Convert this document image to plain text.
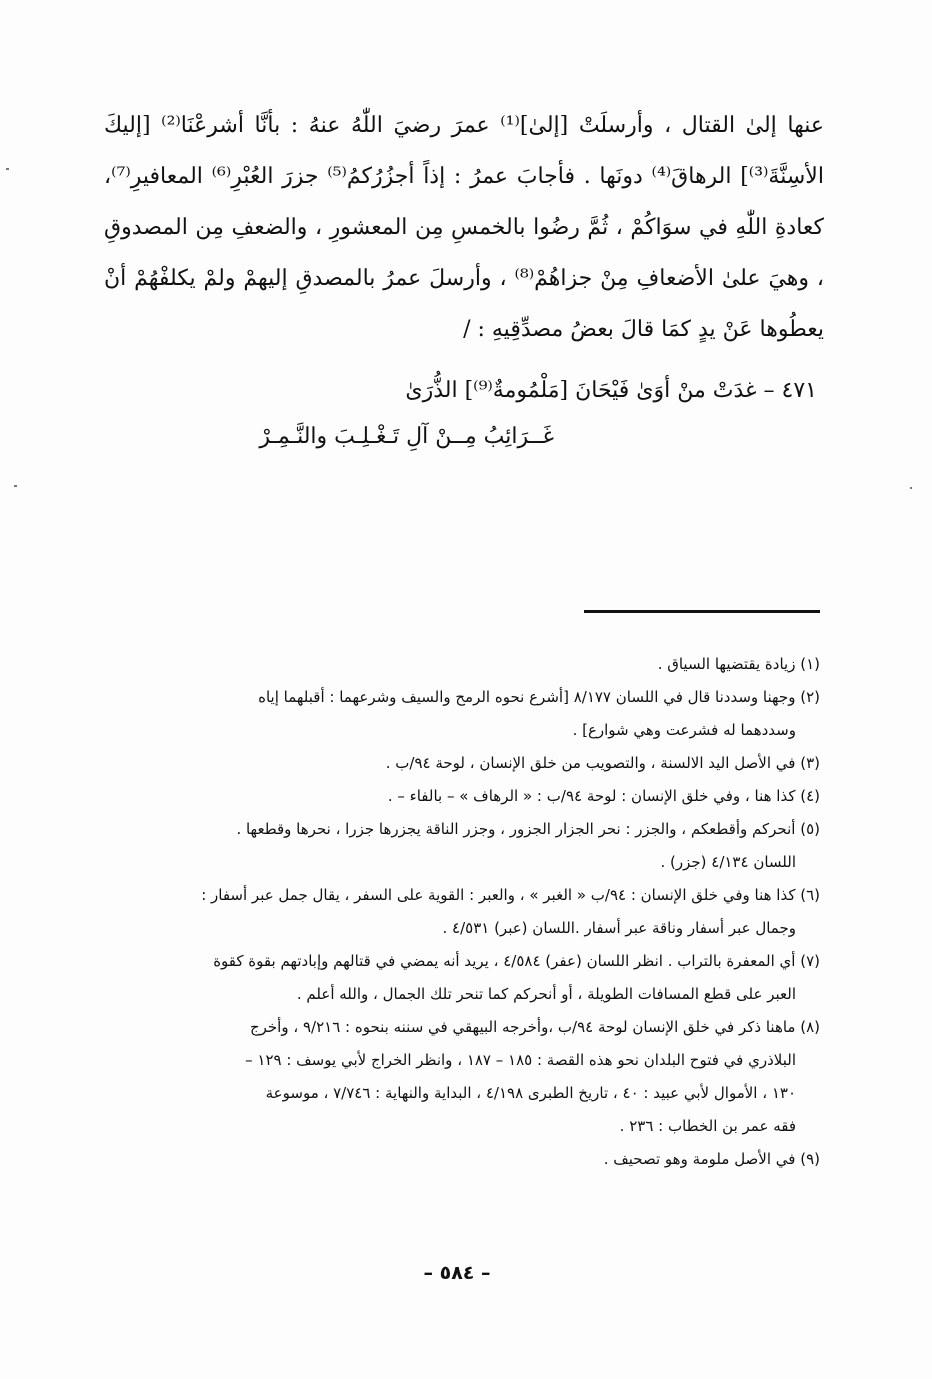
عنها إلىٰ القتال ، وأرسلَتْ [إلىٰ]⁽¹⁾ عمرَ رضيَ اللّٰهُ عنهُ : بأنَّا أشرعْنَا⁽²⁾ [إليكَ الأسِنَّةَ⁽³⁾] الرهاقَ⁽⁴⁾ دونَها . فأجابَ عمرُ : إذاً أجزُرُكمُ⁽⁵⁾ جزرَ العُبْرِ⁽⁶⁾ المعافيرِ⁽⁷⁾، كعادةِ اللّٰهِ في سوَاكُمْ ، ثُمَّ رضُوا بالخمسِ مِن المعشورِ ، والضعفِ مِن المصدوقِ ، وهيَ علىٰ الأضعافِ مِنْ جزاهُمْ⁽⁸⁾ ، وأرسلَ عمرُ بالمصدقِ إليهمْ ولمْ يكلفْهُمْ أنْ يعطُوها عَنْ يدٍ كمَا قالَ بعضُ مصدِّقِيهِ : /

٤٧١ – غدَتْ منْ أوَىٰ فَيْحَانَ [مَلْمُومةٌ⁽⁹⁾] الذُّرَىٰ
غَــرَائِبُ مِــنْ آلِ تَـغْـلِـبَ والنَّـمِـرْ
(١) زيادة يقتضيها السياق .
(٢) وجهنا وسددنا قال في اللسان ٨/١٧٧ [أشرع نحوه الرمح والسيف وشرعهما : أقبلهما إياه
وسددهما له فشرعت وهي شوارع] .
(٣) في الأصل اليد الالسنة ، والتصويب من خلق الإنسان ، لوحة ٩٤/ب .
(٤) كذا هنا ، وفي خلق الإنسان : لوحة ٩٤/ب : « الرهاف » – بالفاء – .
(٥) أنحركم وأقطعكم ، والجزر : نحر الجزار الجزور ، وجزر الناقة يجزرها جزرا ، نحرها وقطعها .
اللسان ٤/١٣٤ (جزر) .
(٦) كذا هنا وفي خلق الإنسان : ٩٤/ب « الغبر » ، والعبر : القوية على السفر ، يقال جمل عبر أسفار :
وجمال عبر أسفار وناقة عبر أسفار .اللسان (عبر) ٤/٥٣١ .
(٧) أي المعفرة بالتراب . انظر اللسان (عفر) ٤/٥٨٤ ، يريد أنه يمضي في قتالهم وإبادتهم بقوة كقوة
العبر على قطع المسافات الطويلة ، أو أنحركم كما تنحر تلك الجمال ، والله أعلم .
(٨) ماهنا ذكر في خلق الإنسان لوحة ٩٤/ب ،وأخرجه البيهقي في سننه بنحوه : ٩/٢١٦ ، وأخرج
البلاذري في فتوح البلدان نحو هذه القصة : ١٨٥ – ١٨٧ ، وانظر الخراج لأبي يوسف : ١٢٩ –
١٣٠ ، الأموال لأبي عبيد : ٤٠ ، تاريخ الطبرى ٤/١٩٨ ، البداية والنهاية : ٧/٧٤٦ ، موسوعة
فقه عمر بن الخطاب : ٢٣٦ .
(٩) في الأصل ملومة وهو تصحيف .
– ٥٨٤ –
